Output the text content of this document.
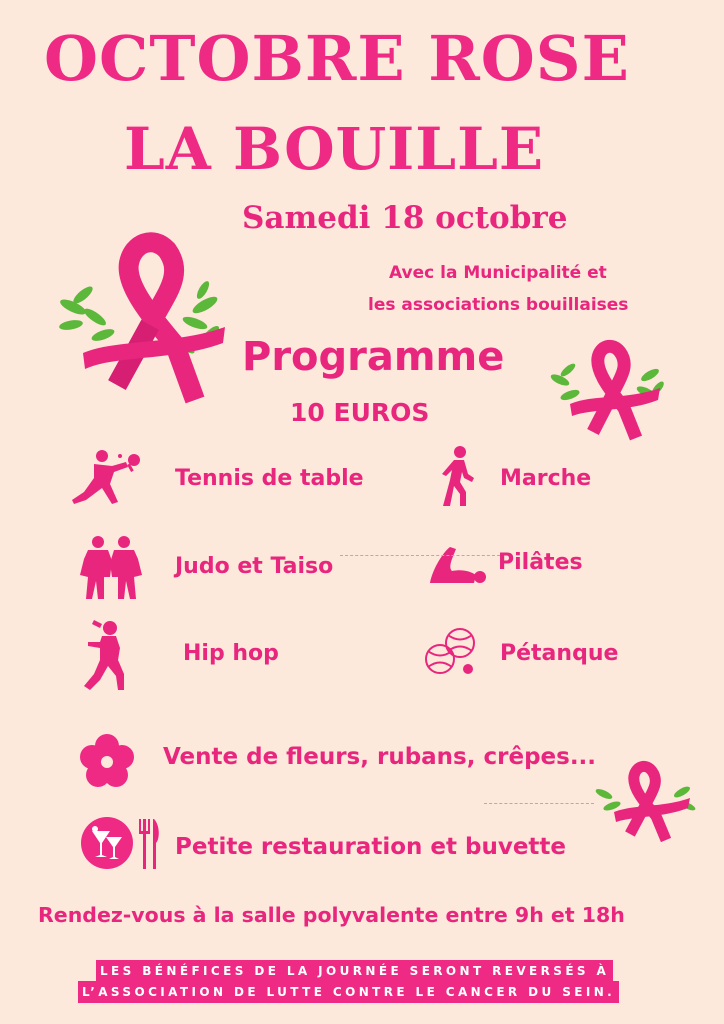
OCTOBRE ROSE
LA BOUILLE
Samedi 18 octobre
Avec la Municipalité et
les associations bouillaises
Programme
10 EUROS
Tennis de table	Marche
Judo et Taiso	Pilâtes
Hip hop	Pétanque
Vente de fleurs, rubans, crêpes...
Petite restauration et buvette
Rendez-vous à la salle polyvalente entre 9h et 18h
LES BÉNÉFICES DE LA JOURNÉE SERONT REVERSÉS À
L’ASSOCIATION DE LUTTE CONTRE LE CANCER DU SEIN.
